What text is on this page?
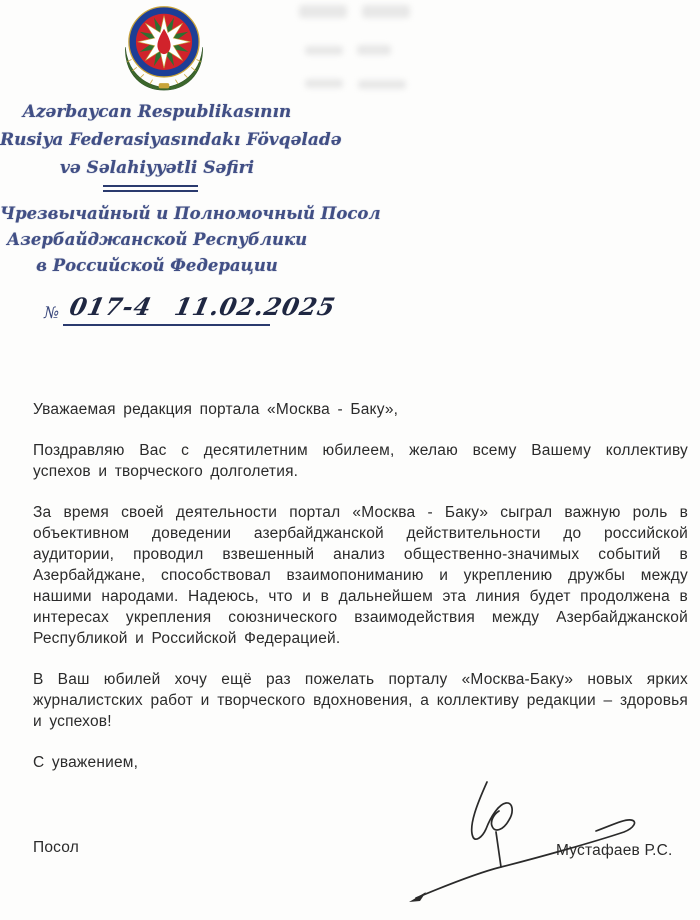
Azərbaycan Respublikasının
Rusiya Federasiyasındakı Fövqəladə
və Səlahiyyətli Səfiri
Чрезвычайный и Полномочный Посол
Азербайджанской Республики
в Российской Федерации
№ 017-4 11.02.2025

Уважаемая редакция портала «Москва - Баку»,

Поздравляю Вас с десятилетним юбилеем, желаю всему Вашему коллективу успехов и творческого долголетия.

За время своей деятельности портал «Москва - Баку» сыграл важную роль в объективном доведении азербайджанской действительности до российской аудитории, проводил взвешенный анализ общественно-значимых событий в Азербайджане, способствовал взаимопониманию и укреплению дружбы между нашими народами. Надеюсь, что и в дальнейшем эта линия будет продолжена в интересах укрепления союзнического взаимодействия между Азербайджанской Республикой и Российской Федерацией.

В Ваш юбилей хочу ещё раз пожелать порталу «Москва-Баку» новых ярких журналистских работ и творческого вдохновения, а коллективу редакции – здоровья и успехов!

С уважением,

Посол	Мустафаев Р.С.
